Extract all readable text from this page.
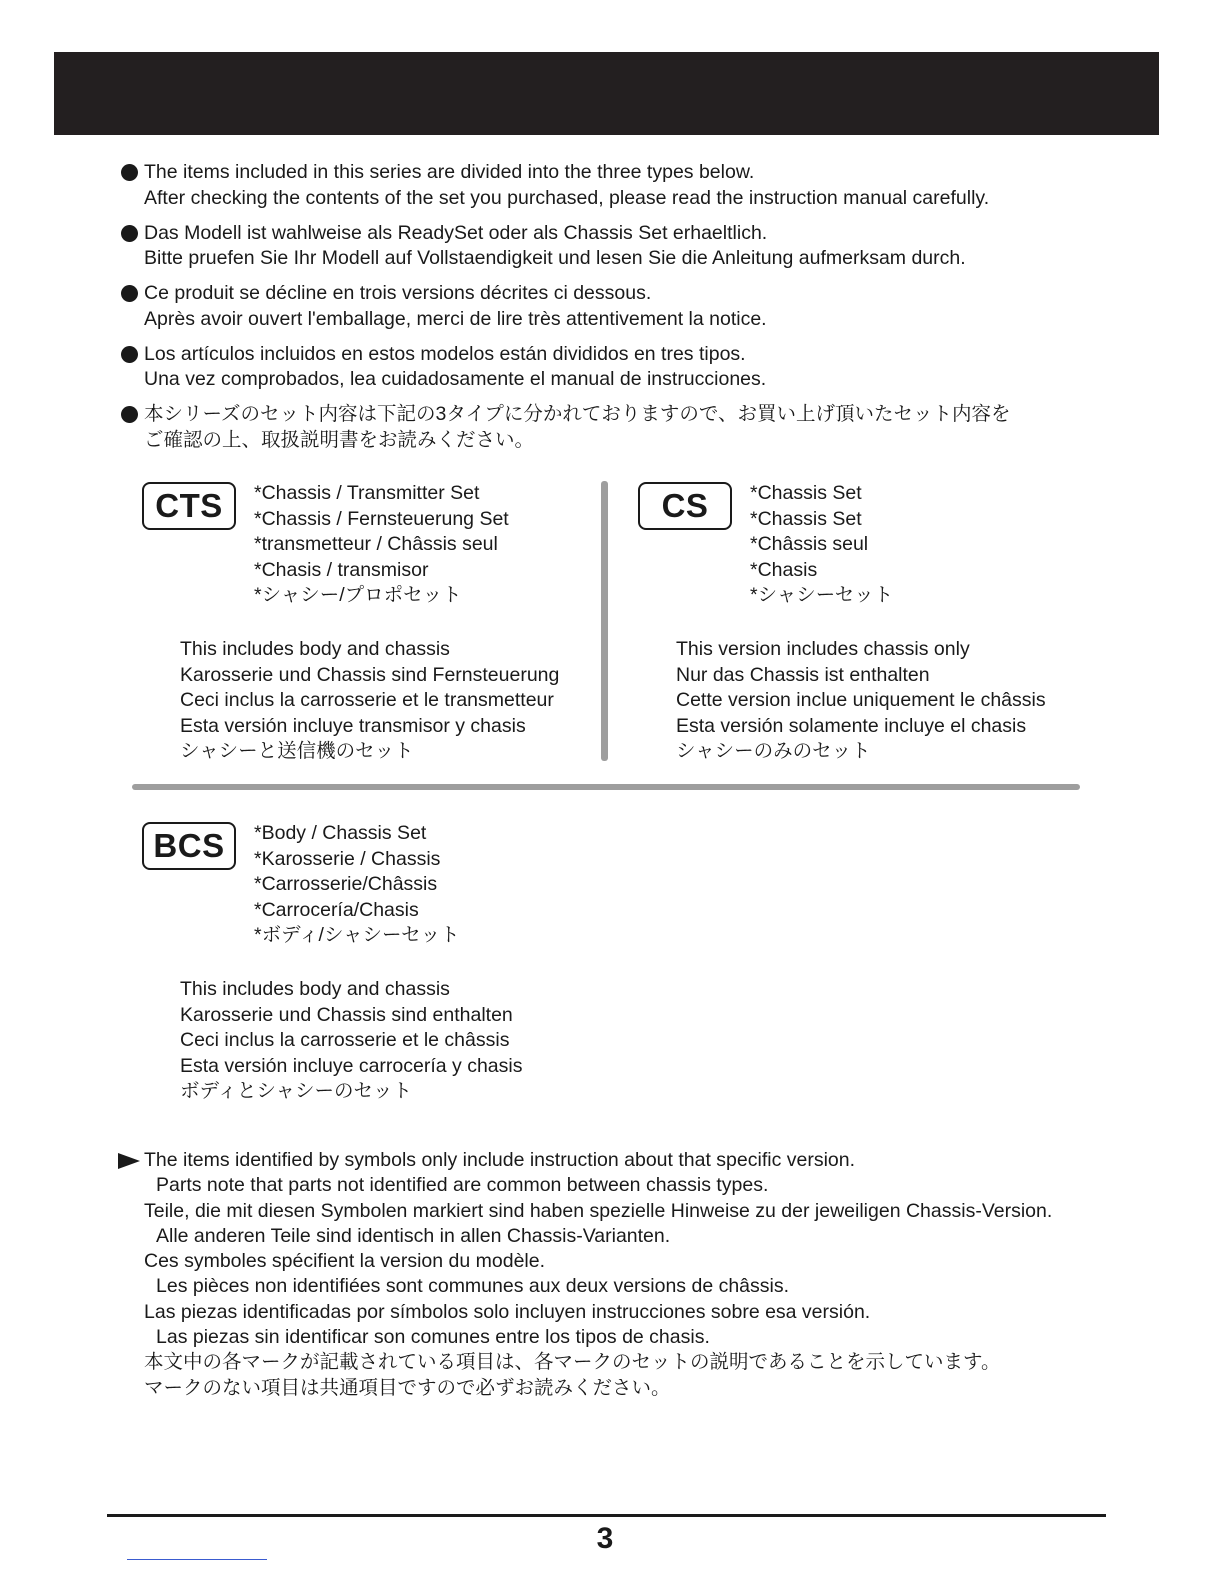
The items included in this series are divided into the three types below.
After checking the contents of the set you purchased, please read the instruction manual carefully.
Das Modell ist wahlweise als ReadySet oder als Chassis Set erhaeltlich.
Bitte pruefen Sie Ihr Modell auf Vollstaendigkeit und lesen Sie die Anleitung aufmerksam durch.
Ce produit se décline en trois versions décrites ci dessous.
Après avoir ouvert l'emballage, merci de lire très attentivement la notice.
Los artículos incluidos en estos modelos están divididos en tres tipos.
Una vez comprobados, lea cuidadosamente el manual de instrucciones.
本シリーズのセット内容は下記の3タイプに分かれておりますので、お買い上げ頂いたセット内容を
ご確認の上、取扱説明書をお読みください。
CTS	*Chassis / Transmitter Set
*Chassis / Fernsteuerung Set
*transmetteur / Châssis seul
*Chasis / transmisor
*シャシー/プロポセット
This includes body and chassis
Karosserie und Chassis sind Fernsteuerung
Ceci inclus la carrosserie et le transmetteur
Esta versión incluye transmisor y chasis
シャシーと送信機のセット
CS	*Chassis Set
*Chassis Set
*Châssis seul
*Chasis
*シャシーセット
This version includes chassis only
Nur das Chassis ist enthalten
Cette version inclue uniquement le châssis
Esta versión solamente incluye el chasis
シャシーのみのセット
BCS	*Body / Chassis Set
*Karosserie / Chassis
*Carrosserie/Châssis
*Carrocería/Chasis
*ボディ/シャシーセット
This includes body and chassis
Karosserie und Chassis sind enthalten
Ceci inclus la carrosserie et le châssis
Esta versión incluye carrocería y chasis
ボディとシャシーのセット
The items identified by symbols only include instruction about that specific version.
Parts note that parts not identified are common between chassis types.
Teile, die mit diesen Symbolen markiert sind haben spezielle Hinweise zu der jeweiligen Chassis-Version.
Alle anderen Teile sind identisch in allen Chassis-Varianten.
Ces symboles spécifient la version du modèle.
Les pièces non identifiées sont communes aux deux versions de châssis.
Las piezas identificadas por símbolos solo incluyen instrucciones sobre esa versión.
Las piezas sin identificar son comunes entre los tipos de chasis.
本文中の各マークが記載されている項目は、各マークのセットの説明であることを示しています。
マークのない項目は共通項目ですので必ずお読みください。
3
